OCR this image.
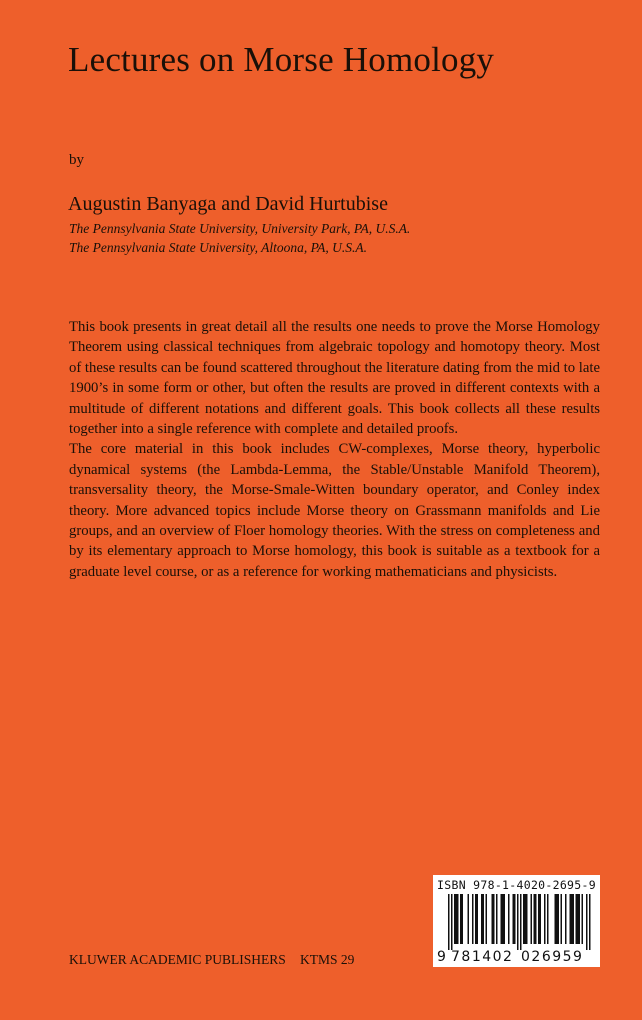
Lectures on Morse Homology
by
Augustin Banyaga and David Hurtubise
The Pennsylvania State University, University Park, PA, U.S.A.
The Pennsylvania State University, Altoona, PA, U.S.A.

This book presents in great detail all the results one needs to prove the Morse Homology Theorem using classical techniques from algebraic topology and homotopy theory. Most of these results can be found scattered throughout the literature dating from the mid to late 1900’s in some form or other, but often the results are proved in different contexts with a multitude of different notations and different goals. This book collects all these results together into a single reference with complete and detailed proofs.

The core material in this book includes CW-complexes, Morse theory, hyperbolic dynamical systems (the Lambda-Lemma, the Stable/Unstable Manifold Theorem), transversality theory, the Morse-Smale-Witten boundary operator, and Conley index theory. More advanced topics include Morse theory on Grassmann manifolds and Lie groups, and an overview of Floer homology theories. With the stress on completeness and by its elementary approach to Morse homology, this book is suitable as a textbook for a graduate level course, or as a reference for working mathematicians and physicists.

KLUWER ACADEMIC PUBLISHERS KTMS 29
ISBN 978-1-4020-2695-9
9 781402 026959
